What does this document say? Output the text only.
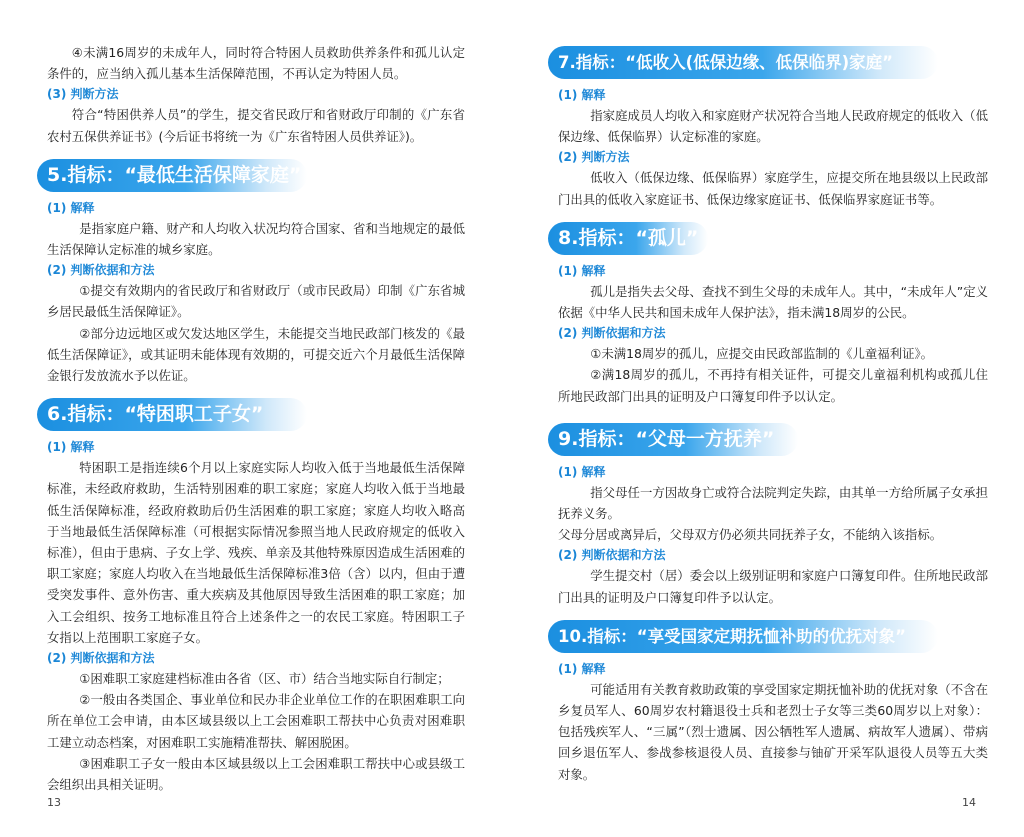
④未满16周岁的未成年人，同时符合特困人员救助供养条件和孤儿认定条件的，应当纳入孤儿基本生活保障范围，不再认定为特困人员。

(3) 判断方法

符合“特困供养人员”的学生，提交省民政厅和省财政厅印制的《广东省农村五保供养证书》(今后证书将统一为《广东省特困人员供养证》)。

5.指标：“最低生活保障家庭”
(1) 解释

是指家庭户籍、财产和人均收入状况均符合国家、省和当地规定的最低生活保障认定标准的城乡家庭。

(2) 判断依据和方法

①提交有效期内的省民政厅和省财政厅（或市民政局）印制《广东省城乡居民最低生活保障证》。

②部分边远地区或欠发达地区学生，未能提交当地民政部门核发的《最低生活保障证》，或其证明未能体现有效期的，可提交近六个月最低生活保障金银行发放流水予以佐证。

6.指标：“特困职工子女”
(1) 解释

特困职工是指连续6个月以上家庭实际人均收入低于当地最低生活保障标准，未经政府救助，生活特别困难的职工家庭；家庭人均收入低于当地最低生活保障标准，经政府救助后仍生活困难的职工家庭；家庭人均收入略高于当地最低生活保障标准（可根据实际情况参照当地人民政府规定的低收入标准），但由于患病、子女上学、残疾、单亲及其他特殊原因造成生活困难的职工家庭；家庭人均收入在当地最低生活保障标准3倍（含）以内，但由于遭受突发事件、意外伤害、重大疾病及其他原因导致生活困难的职工家庭；加入工会组织、按务工地标准且符合上述条件之一的农民工家庭。特困职工子女指以上范围职工家庭子女。

(2) 判断依据和方法

①困难职工家庭建档标准由各省（区、市）结合当地实际自行制定；

②一般由各类国企、事业单位和民办非企业单位工作的在职困难职工向所在单位工会申请，由本区域县级以上工会困难职工帮扶中心负责对困难职工建立动态档案，对困难职工实施精准帮扶、解困脱困。

③困难职工子女一般由本区域县级以上工会困难职工帮扶中心或县级工会组织出具相关证明。

13
7.指标：“低收入(低保边缘、低保临界)家庭”
(1) 解释

指家庭成员人均收入和家庭财产状况符合当地人民政府规定的低收入（低保边缘、低保临界）认定标准的家庭。

(2) 判断方法

低收入（低保边缘、低保临界）家庭学生，应提交所在地县级以上民政部门出具的低收入家庭证书、低保边缘家庭证书、低保临界家庭证书等。

8.指标：“孤儿”
(1) 解释

孤儿是指失去父母、查找不到生父母的未成年人。其中，“未成年人”定义依据《中华人民共和国未成年人保护法》，指未满18周岁的公民。

(2) 判断依据和方法

①未满18周岁的孤儿，应提交由民政部监制的《儿童福利证》。

②满18周岁的孤儿，不再持有相关证件，可提交儿童福利机构或孤儿住所地民政部门出具的证明及户口簿复印件予以认定。

9.指标：“父母一方抚养”
(1) 解释

指父母任一方因故身亡或符合法院判定失踪，由其单一方给所属子女承担抚养义务。

父母分居或离异后，父母双方仍必须共同抚养子女，不能纳入该指标。

(2) 判断依据和方法

学生提交村（居）委会以上级别证明和家庭户口簿复印件。住所地民政部门出具的证明及户口簿复印件予以认定。

10.指标：“享受国家定期抚恤补助的优抚对象”
(1) 解释

可能适用有关教育救助政策的享受国家定期抚恤补助的优抚对象（不含在乡复员军人、60周岁农村籍退役士兵和老烈士子女等三类60周岁以上对象）：包括残疾军人、“三属”（烈士遗属、因公牺牲军人遗属、病故军人遗属）、带病回乡退伍军人、参战参核退役人员、直接参与铀矿开采军队退役人员等五大类对象。

14
